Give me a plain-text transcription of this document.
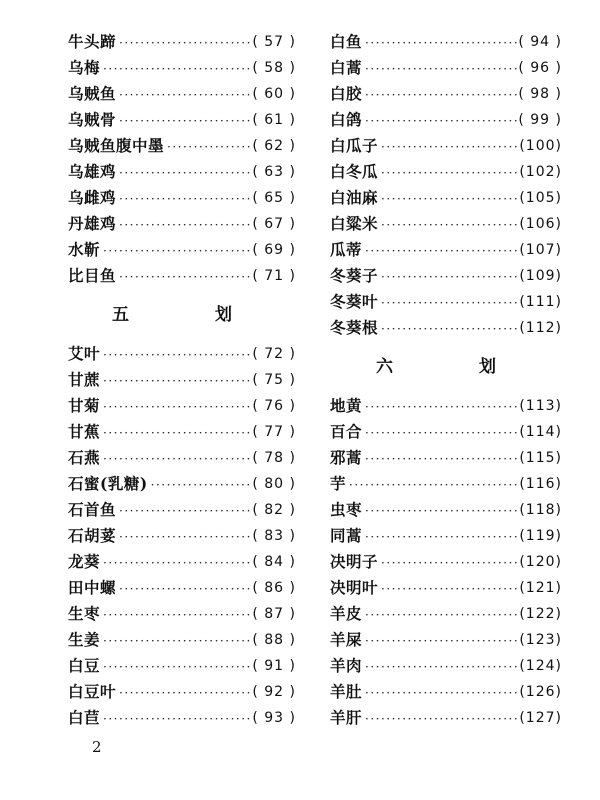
牛头蹄 ·····	( 57 )
乌梅 ·····	( 58 )
乌贼鱼 ·····	( 60 )
乌贼骨 ·····	( 61 )
乌贼鱼腹中墨 ·····	( 62 )
乌雄鸡 ·····	( 63 )
乌雌鸡 ·····	( 65 )
丹雄鸡 ·····	( 67 )
水靳 ·····	( 69 )
比目鱼 ·····	( 71 )
五 划
艾叶 ·····	( 72 )
甘蔗 ·····	( 75 )
甘菊 ·····	( 76 )
甘蕉 ·····	( 77 )
石燕 ·····	( 78 )
石蜜(乳糖) ·····	( 80 )
石首鱼 ·····	( 82 )
石胡荽 ·····	( 83 )
龙葵 ·····	( 84 )
田中螺 ·····	( 86 )
生枣 ·····	( 87 )
生姜 ·····	( 88 )
白豆 ·····	( 91 )
白豆叶 ·····	( 92 )
白苣 ·····	( 93 )
白鱼 ·····	( 94 )
白蒿 ·····	( 96 )
白胶 ·····	( 98 )
白鸽 ·····	( 99 )
白瓜子 ·····	(100)
白冬瓜 ·····	(102)
白油麻 ·····	(105)
白粱米 ·····	(106)
瓜蒂 ·····	(107)
冬葵子 ·····	(109)
冬葵叶 ·····	(111)
冬葵根 ·····	(112)
六 划
地黄 ·····	(113)
百合 ·····	(114)
邪蒿 ·····	(115)
芋 ·····	(116)
虫枣 ·····	(118)
同蒿 ·····	(119)
决明子 ·····	(120)
决明叶 ·····	(121)
羊皮 ·····	(122)
羊屎 ·····	(123)
羊肉 ·····	(124)
羊肚 ·····	(126)
羊肝 ·····	(127)
2
